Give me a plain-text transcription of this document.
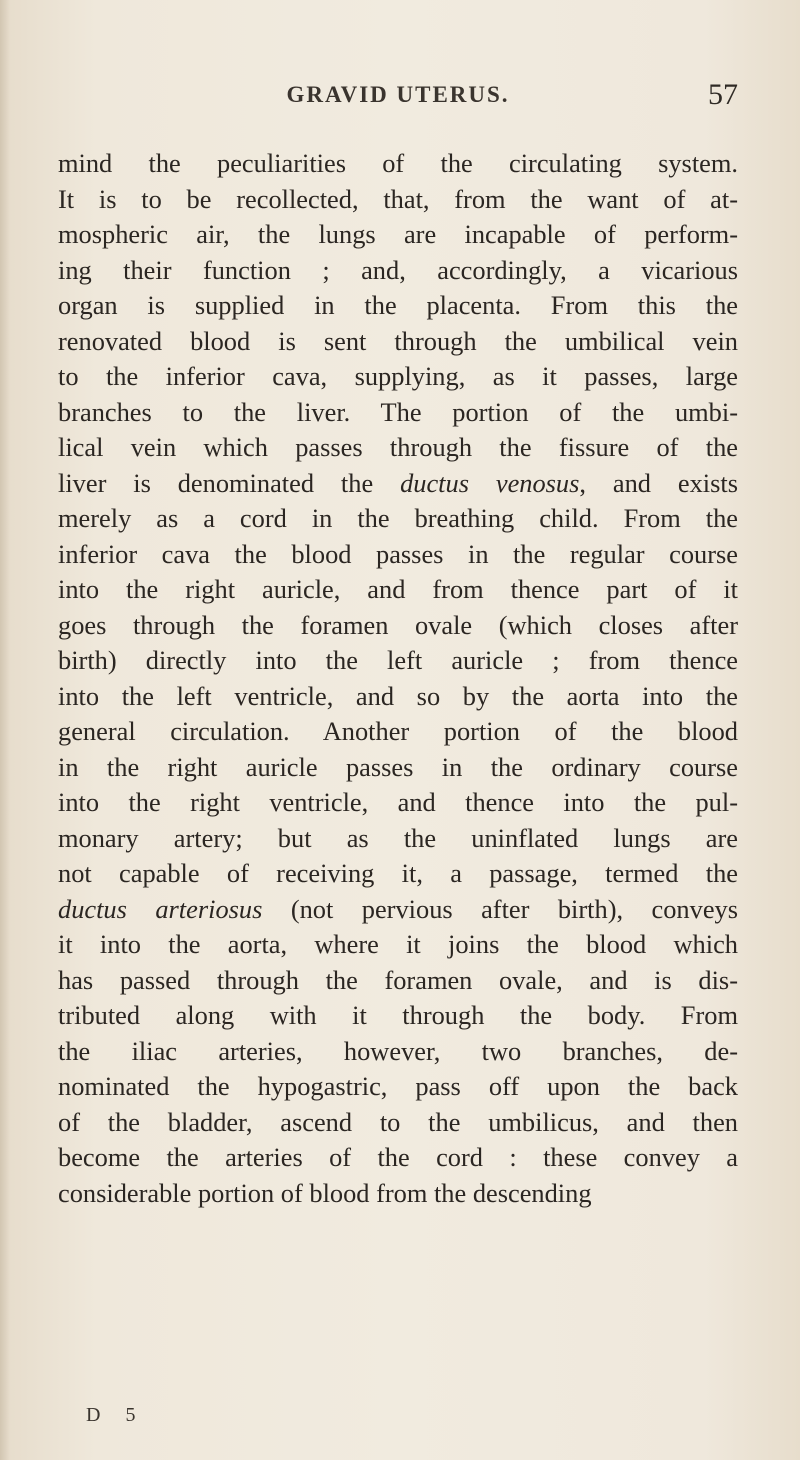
GRAVID UTERUS.	57
mind the peculiarities of the circulating system.
It is to be recollected, that, from the want of at-
mospheric air, the lungs are incapable of perform-
ing their function ; and, accordingly, a vicarious
organ is supplied in the placenta. From this the
renovated blood is sent through the umbilical vein
to the inferior cava, supplying, as it passes, large
branches to the liver. The portion of the umbi-
lical vein which passes through the fissure of the
liver is denominated the ductus venosus, and exists
merely as a cord in the breathing child. From the
inferior cava the blood passes in the regular course
into the right auricle, and from thence part of it
goes through the foramen ovale (which closes after
birth) directly into the left auricle ; from thence
into the left ventricle, and so by the aorta into the
general circulation. Another portion of the blood
in the right auricle passes in the ordinary course
into the right ventricle, and thence into the pul-
monary artery; but as the uninflated lungs are
not capable of receiving it, a passage, termed the
ductus arteriosus (not pervious after birth), conveys
it into the aorta, where it joins the blood which
has passed through the foramen ovale, and is dis-
tributed along with it through the body. From
the iliac arteries, however, two branches, de-
nominated the hypogastric, pass off upon the back
of the bladder, ascend to the umbilicus, and then
become the arteries of the cord : these convey a
considerable portion of blood from the descending
D 5
